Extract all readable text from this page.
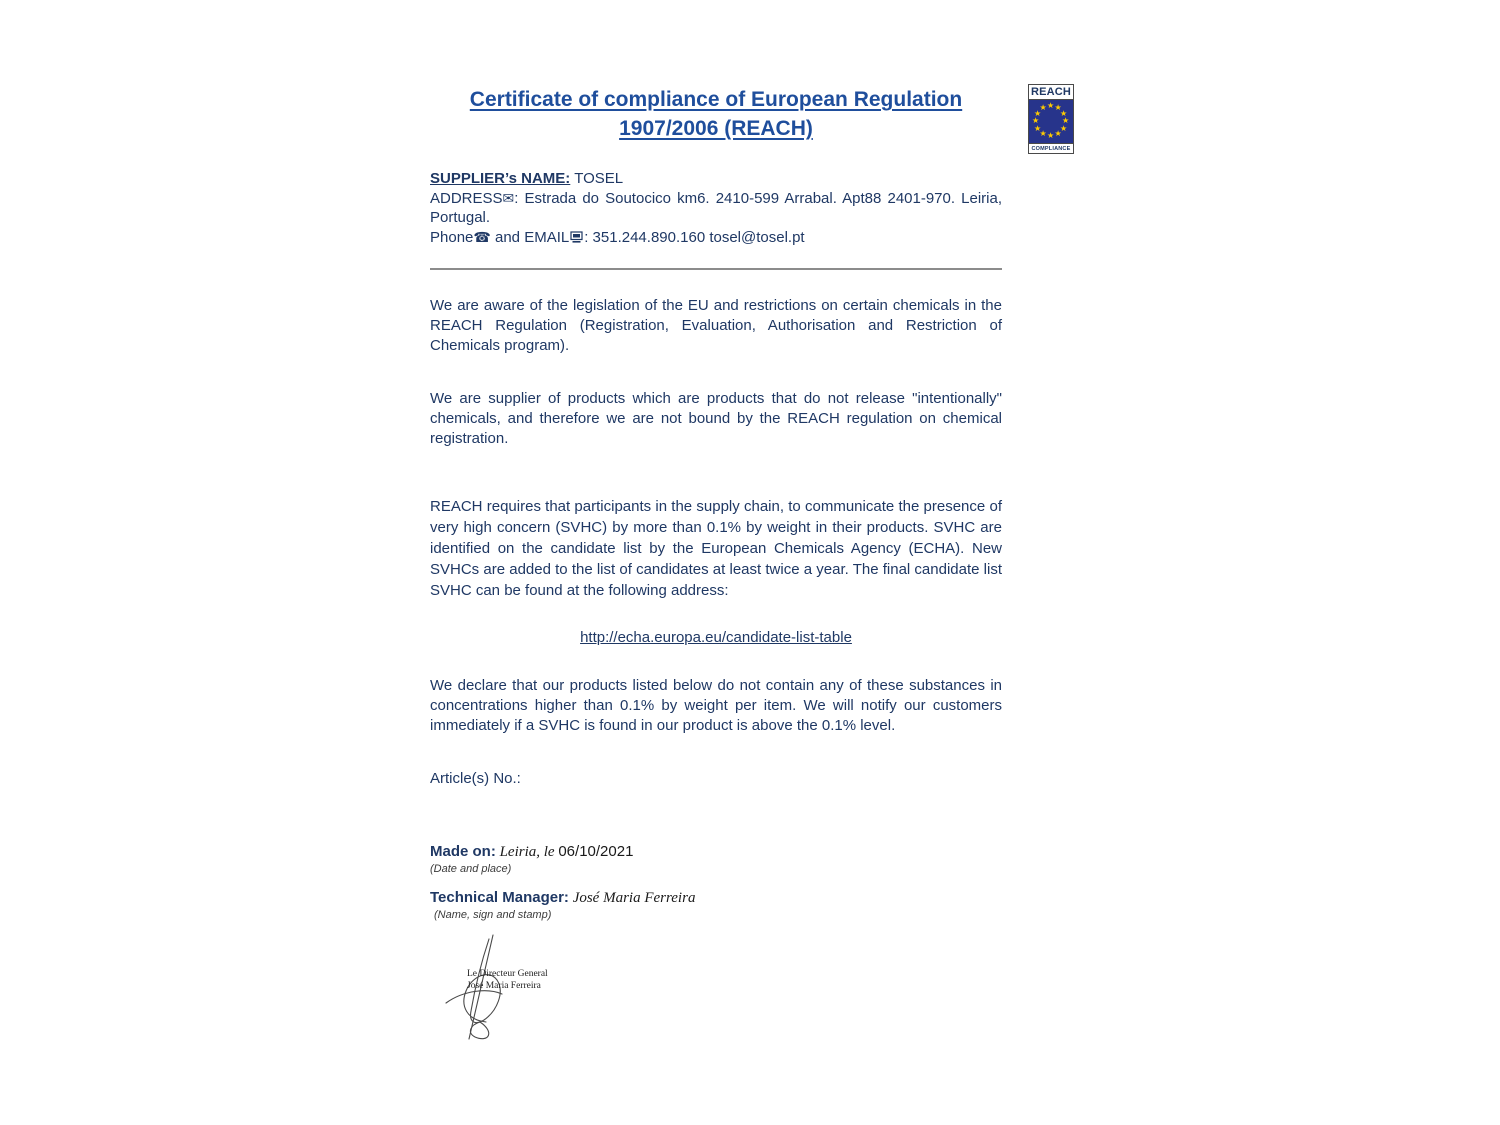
REACH
★ ★
★
★
★
★
★
★
★
★
★
★
COMPLIANCE
Certificate of compliance of European Regulation
1907/2006 (REACH)
SUPPLIER’s NAME: TOSEL
ADDRESS✉: Estrada do Soutocico km6. 2410-599 Arrabal. Apt88 2401-970. Leiria, Portugal.
Phone☎ and EMAIL : 351.244.890.160 tosel@tosel.pt

We are aware of the legislation of the EU and restrictions on certain chemicals in the REACH Regulation (Registration, Evaluation, Authorisation and Restriction of Chemicals program).

We are supplier of products which are products that do not release "intentionally" chemicals, and therefore we are not bound by the REACH regulation on chemical registration.

REACH requires that participants in the supply chain, to communicate the presence of very high concern (SVHC) by more than 0.1% by weight in their products. SVHC are identified on the candidate list by the European Chemicals Agency (ECHA). New SVHCs are added to the list of candidates at least twice a year. The final candidate list SVHC can be found at the following address:

http://echa.europa.eu/candidate-list-table

We declare that our products listed below do not contain any of these substances in concentrations higher than 0.1% by weight per item. We will notify our customers immediately if a SVHC is found in our product is above the 0.1% level.

Article(s) No.:
Made on: Leiria, le 06/10/2021
(Date and place)
Technical Manager: José Maria Ferreira
(Name, sign and stamp)
Le Directeur General
José Maria Ferreira
